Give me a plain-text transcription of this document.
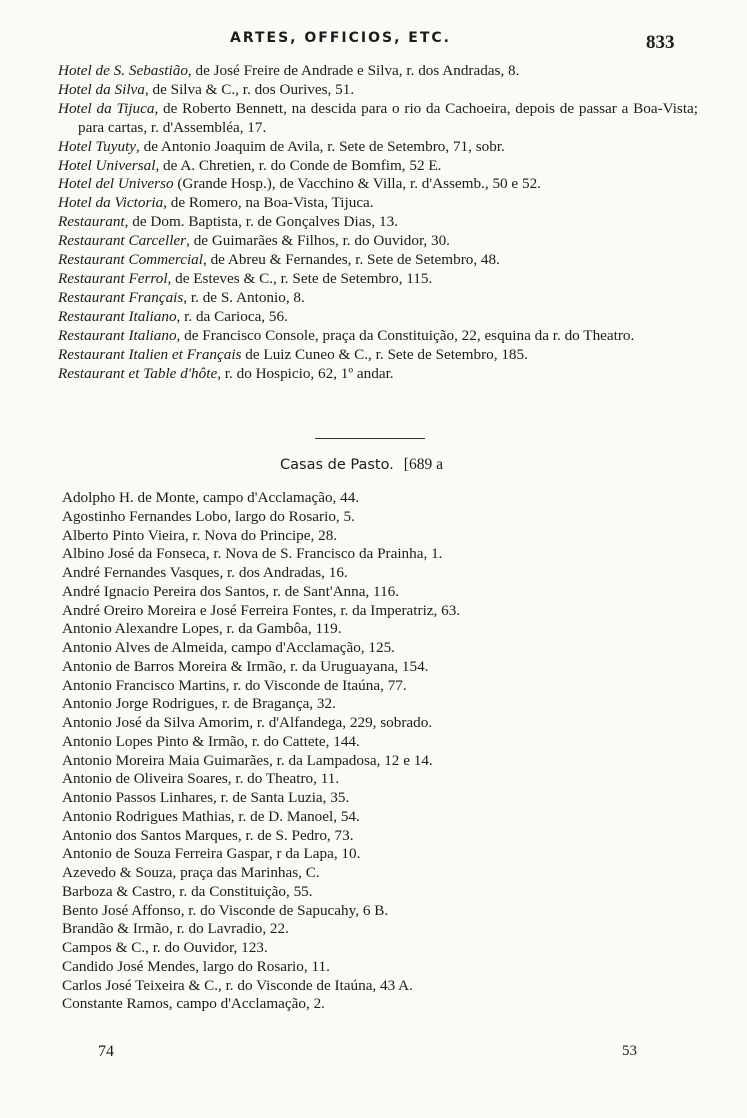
ARTES, OFFICIOS, ETC.	833
Hotel de S. Sebastião, de José Freire de Andrade e Silva, r. dos Andradas, 8.
Hotel da Silva, de Silva & C., r. dos Ourives, 51.
Hotel da Tijuca, de Roberto Bennett, na descida para o rio da Cachoeira, depois de passar a Boa-Vista; para cartas, r. d'Assembléa, 17.
Hotel Tuyuty, de Antonio Joaquim de Avila, r. Sete de Setembro, 71, sobr.
Hotel Universal, de A. Chretien, r. do Conde de Bomfim, 52 E.
Hotel del Universo (Grande Hosp.), de Vacchino & Villa, r. d'Assemb., 50 e 52.
Hotel da Victoria, de Romero, na Boa-Vista, Tijuca.
Restaurant, de Dom. Baptista, r. de Gonçalves Dias, 13.
Restaurant Carceller, de Guimarães & Filhos, r. do Ouvidor, 30.
Restaurant Commercial, de Abreu & Fernandes, r. Sete de Setembro, 48.
Restaurant Ferrol, de Esteves & C., r. Sete de Setembro, 115.
Restaurant Français, r. de S. Antonio, 8.
Restaurant Italiano, r. da Carioca, 56.
Restaurant Italiano, de Francisco Console, praça da Constituição, 22, esquina da r. do Theatro.
Restaurant Italien et Français de Luiz Cuneo & C., r. Sete de Setembro, 185.
Restaurant et Table d'hôte, r. do Hospicio, 62, 1º andar.
Casas de Pasto. [689 a
Adolpho H. de Monte, campo d'Acclamação, 44.
Agostinho Fernandes Lobo, largo do Rosario, 5.
Alberto Pinto Vieira, r. Nova do Principe, 28.
Albino José da Fonseca, r. Nova de S. Francisco da Prainha, 1.
André Fernandes Vasques, r. dos Andradas, 16.
André Ignacio Pereira dos Santos, r. de Sant'Anna, 116.
André Oreiro Moreira e José Ferreira Fontes, r. da Imperatriz, 63.
Antonio Alexandre Lopes, r. da Gambôa, 119.
Antonio Alves de Almeida, campo d'Acclamação, 125.
Antonio de Barros Moreira & Irmão, r. da Uruguayana, 154.
Antonio Francisco Martins, r. do Visconde de Itaúna, 77.
Antonio Jorge Rodrigues, r. de Bragança, 32.
Antonio José da Silva Amorim, r. d'Alfandega, 229, sobrado.
Antonio Lopes Pinto & Irmão, r. do Cattete, 144.
Antonio Moreira Maia Guimarães, r. da Lampadosa, 12 e 14.
Antonio de Oliveira Soares, r. do Theatro, 11.
Antonio Passos Linhares, r. de Santa Luzia, 35.
Antonio Rodrigues Mathias, r. de D. Manoel, 54.
Antonio dos Santos Marques, r. de S. Pedro, 73.
Antonio de Souza Ferreira Gaspar, r da Lapa, 10.
Azevedo & Souza, praça das Marinhas, C.
Barboza & Castro, r. da Constituição, 55.
Bento José Affonso, r. do Visconde de Sapucahy, 6 B.
Brandão & Irmão, r. do Lavradio, 22.
Campos & C., r. do Ouvidor, 123.
Candido José Mendes, largo do Rosario, 11.
Carlos José Teixeira & C., r. do Visconde de Itaúna, 43 A.
Constante Ramos, campo d'Acclamação, 2.
74	53
